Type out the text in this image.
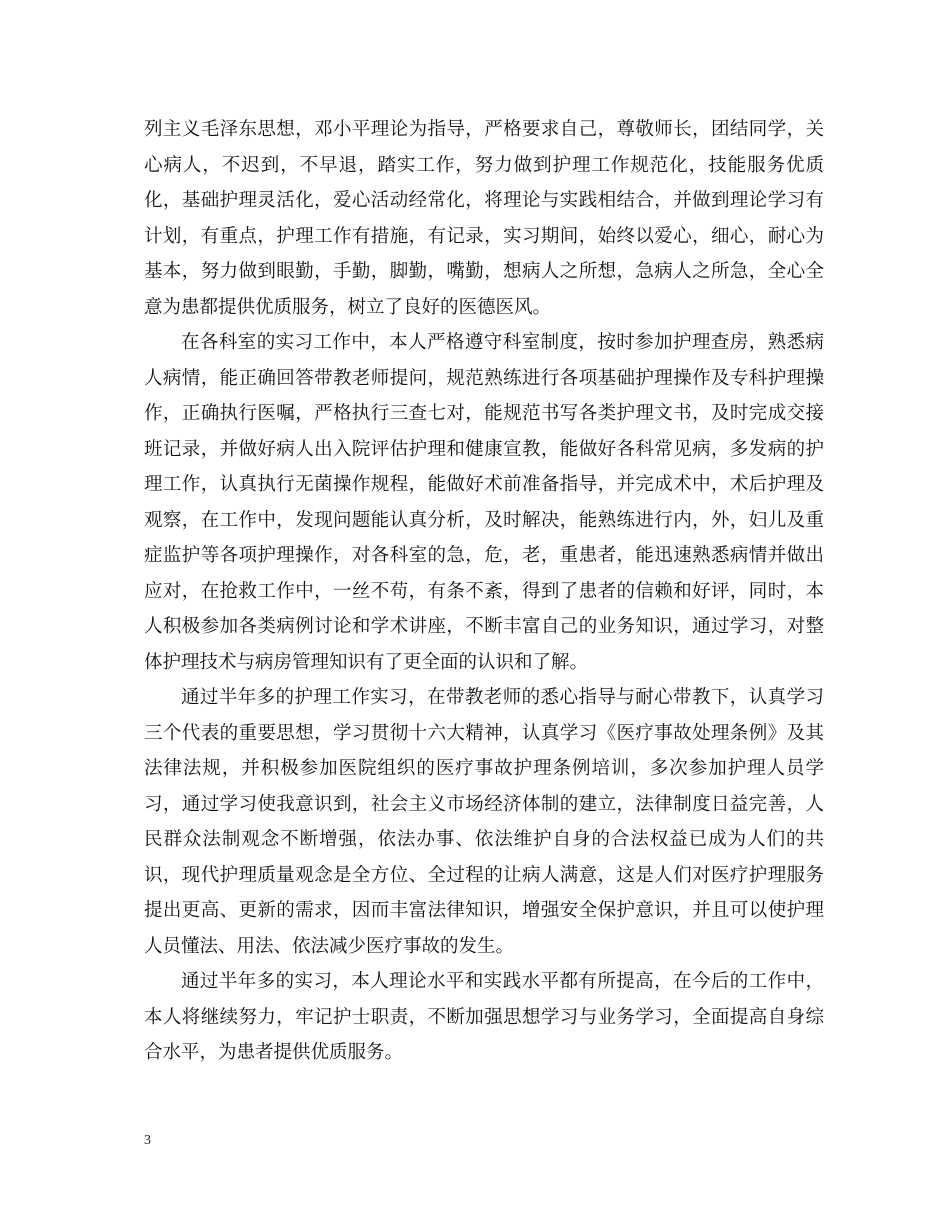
列主义毛泽东思想，邓小平理论为指导，严格要求自己，尊敬师长，团结同学，关心病人，不迟到，不早退，踏实工作，努力做到护理工作规范化，技能服务优质化，基础护理灵活化，爱心活动经常化，将理论与实践相结合，并做到理论学习有计划，有重点，护理工作有措施，有记录，实习期间，始终以爱心，细心，耐心为基本，努力做到眼勤，手勤，脚勤，嘴勤，想病人之所想，急病人之所急，全心全意为患都提供优质服务，树立了良好的医德医风。

在各科室的实习工作中，本人严格遵守科室制度，按时参加护理查房，熟悉病人病情，能正确回答带教老师提问，规范熟练进行各项基础护理操作及专科护理操作，正确执行医嘱，严格执行三查七对，能规范书写各类护理文书，及时完成交接班记录，并做好病人出入院评估护理和健康宣教，能做好各科常见病，多发病的护理工作，认真执行无菌操作规程，能做好术前准备指导，并完成术中，术后护理及观察，在工作中，发现问题能认真分析，及时解决，能熟练进行内，外，妇儿及重症监护等各项护理操作，对各科室的急，危，老，重患者，能迅速熟悉病情并做出应对，在抢救工作中，一丝不苟，有条不紊，得到了患者的信赖和好评，同时，本人积极参加各类病例讨论和学术讲座，不断丰富自己的业务知识，通过学习，对整体护理技术与病房管理知识有了更全面的认识和了解。

通过半年多的护理工作实习，在带教老师的悉心指导与耐心带教下，认真学习三个代表的重要思想，学习贯彻十六大精神，认真学习《医疗事故处理条例》及其法律法规，并积极参加医院组织的医疗事故护理条例培训，多次参加护理人员学习，通过学习使我意识到，社会主义市场经济体制的建立，法律制度日益完善，人民群众法制观念不断增强，依法办事、依法维护自身的合法权益已成为人们的共识，现代护理质量观念是全方位、全过程的让病人满意，这是人们对医疗护理服务提出更高、更新的需求，因而丰富法律知识，增强安全保护意识，并且可以使护理人员懂法、用法、依法减少医疗事故的发生。

通过半年多的实习，本人理论水平和实践水平都有所提高，在今后的工作中，本人将继续努力，牢记护士职责，不断加强思想学习与业务学习，全面提高自身综合水平，为患者提供优质服务。

3
